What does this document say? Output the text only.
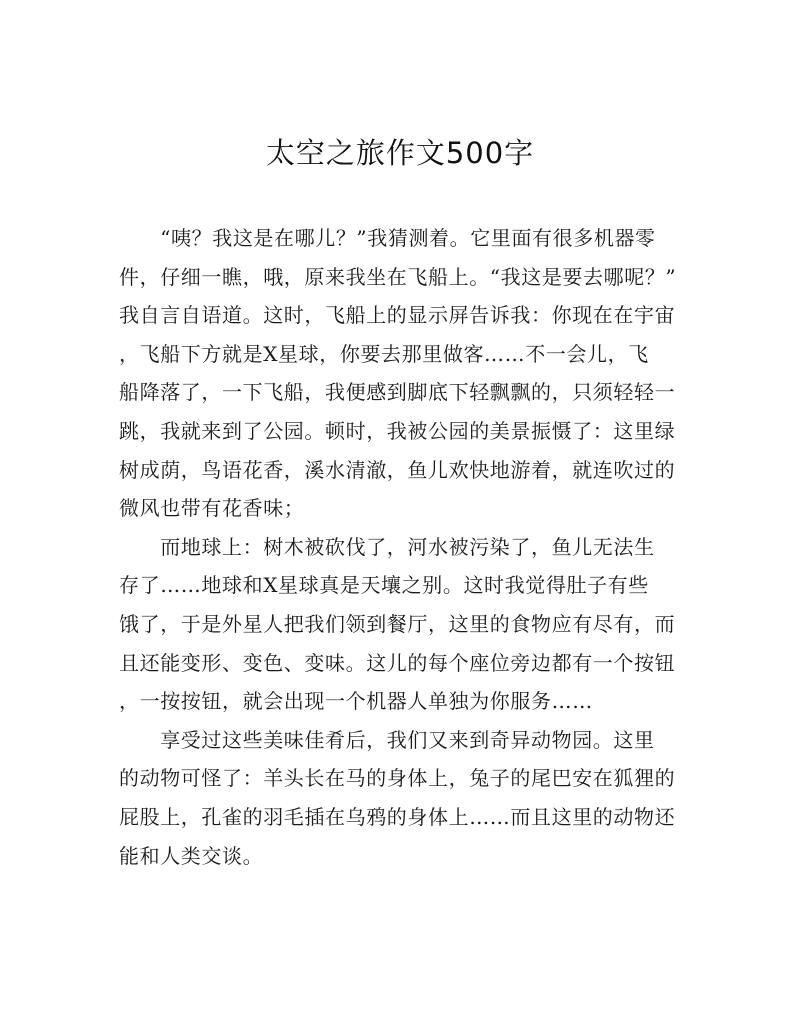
太空之旅作文500字
　　“咦？我这是在哪儿？”我猜测着。它里面有很多机器零
件，仔细一瞧，哦，原来我坐在飞船上。“我这是要去哪呢？”
我自言自语道。这时，飞船上的显示屏告诉我：你现在在宇宙
，飞船下方就是X星球，你要去那里做客……不一会儿，飞
船降落了，一下飞船，我便感到脚底下轻飘飘的，只须轻轻一
跳，我就来到了公园。顿时，我被公园的美景振慑了：这里绿
树成荫，鸟语花香，溪水清澈，鱼儿欢快地游着，就连吹过的
微风也带有花香味；
　　而地球上：树木被砍伐了，河水被污染了，鱼儿无法生
存了……地球和X星球真是天壤之别。这时我觉得肚子有些
饿了，于是外星人把我们领到餐厅，这里的食物应有尽有，而
且还能变形、变色、变味。这儿的每个座位旁边都有一个按钮
，一按按钮，就会出现一个机器人单独为你服务……
　　享受过这些美味佳肴后，我们又来到奇异动物园。这里
的动物可怪了：羊头长在马的身体上，兔子的尾巴安在狐狸的
屁股上，孔雀的羽毛插在乌鸦的身体上……而且这里的动物还
能和人类交谈。
